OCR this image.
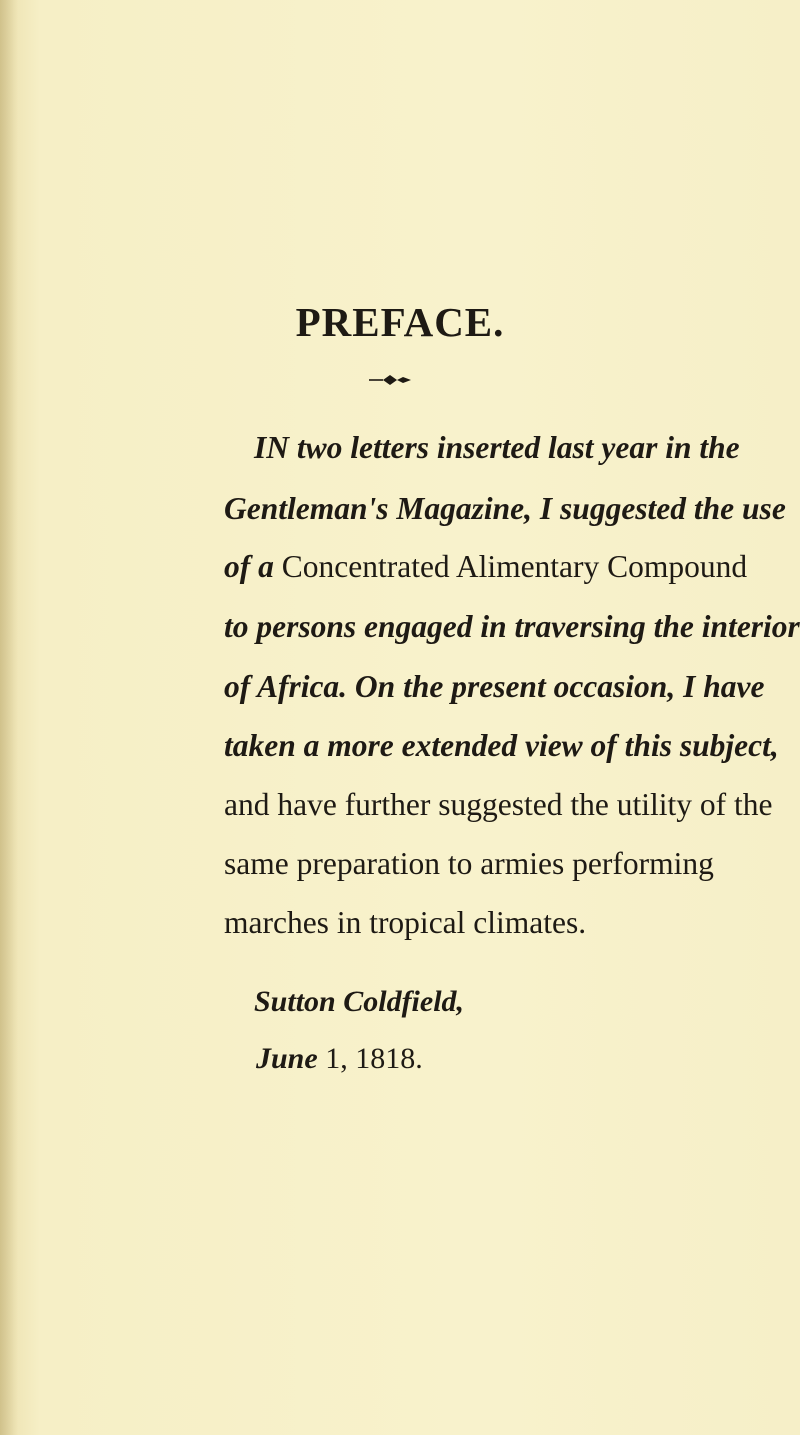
PREFACE.
IN two letters inserted last year in the
Gentleman's Magazine, I suggested the use
of a Concentrated Alimentary Compound
to persons engaged in traversing the interior
of Africa. On the present occasion, I have
taken a more extended view of this subject,
and have further suggested the utility of the
same preparation to armies performing
marches in tropical climates.
Sutton Coldfield,
June 1, 1818.
